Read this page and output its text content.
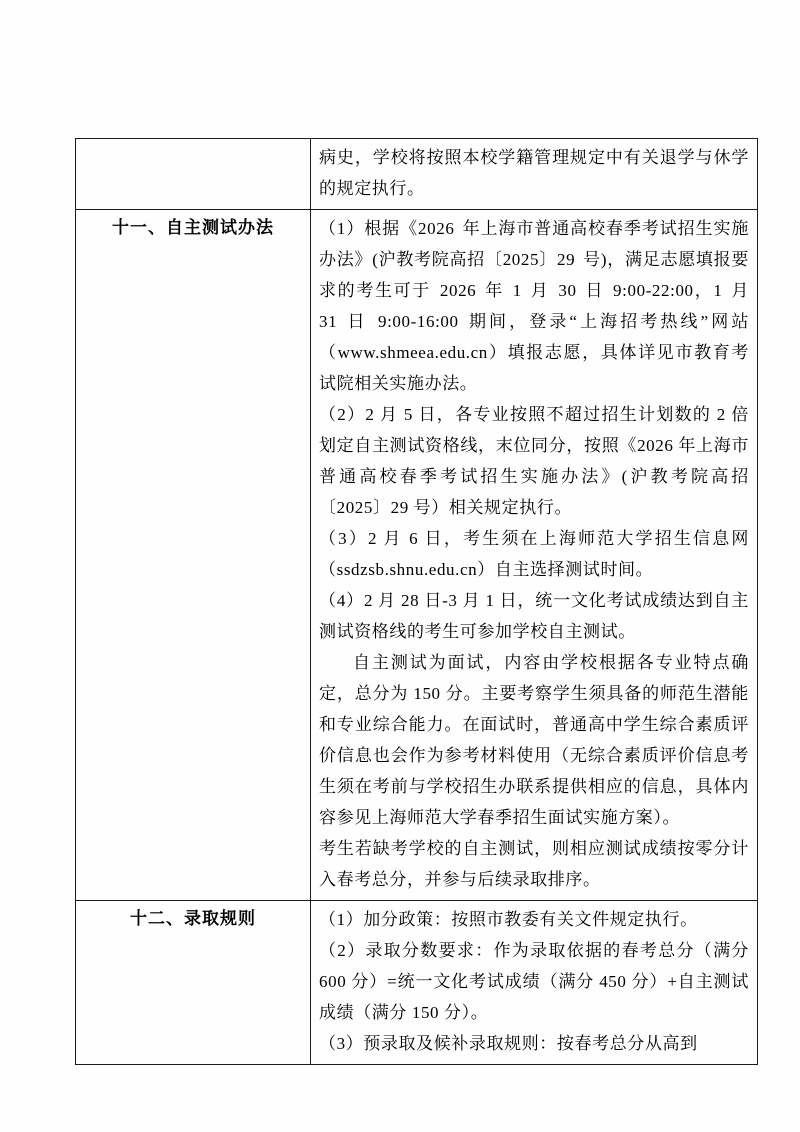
	病史，学校将按照本校学籍管理规定中有关退学与休学的规定执行。

十一、自主测试办法	（1）根据《2026 年上海市普通高校春季考试招生实施办法》(沪教考院高招〔2025〕29 号)，满足志愿填报要求的考生可于 2026 年 1 月 30 日 9:00-22:00，1 月 31 日 9:00-16:00 期间，登录“上海招考热线”网站（www.shmeea.edu.cn）填报志愿，具体详见市教育考试院相关实施办法。

（2）2 月 5 日，各专业按照不超过招生计划数的 2 倍划定自主测试资格线，末位同分，按照《2026 年上海市普通高校春季考试招生实施办法》(沪教考院高招〔2025〕29 号）相关规定执行。

（3）2 月 6 日，考生须在上海师范大学招生信息网（ssdzsb.shnu.edu.cn）自主选择测试时间。

（4）2 月 28 日-3 月 1 日，统一文化考试成绩达到自主测试资格线的考生可参加学校自主测试。

自主测试为面试，内容由学校根据各专业特点确定，总分为 150 分。主要考察学生须具备的师范生潜能和专业综合能力。在面试时，普通高中学生综合素质评价信息也会作为参考材料使用（无综合素质评价信息考生须在考前与学校招生办联系提供相应的信息，具体内容参见上海师范大学春季招生面试实施方案）。

考生若缺考学校的自主测试，则相应测试成绩按零分计入春考总分，并参与后续录取排序。

十二、录取规则	（1）加分政策：按照市教委有关文件规定执行。

（2）录取分数要求：作为录取依据的春考总分（满分 600 分）=统一文化考试成绩（满分 450 分）+自主测试成绩（满分 150 分）。

（3）预录取及候补录取规则：按春考总分从高到
